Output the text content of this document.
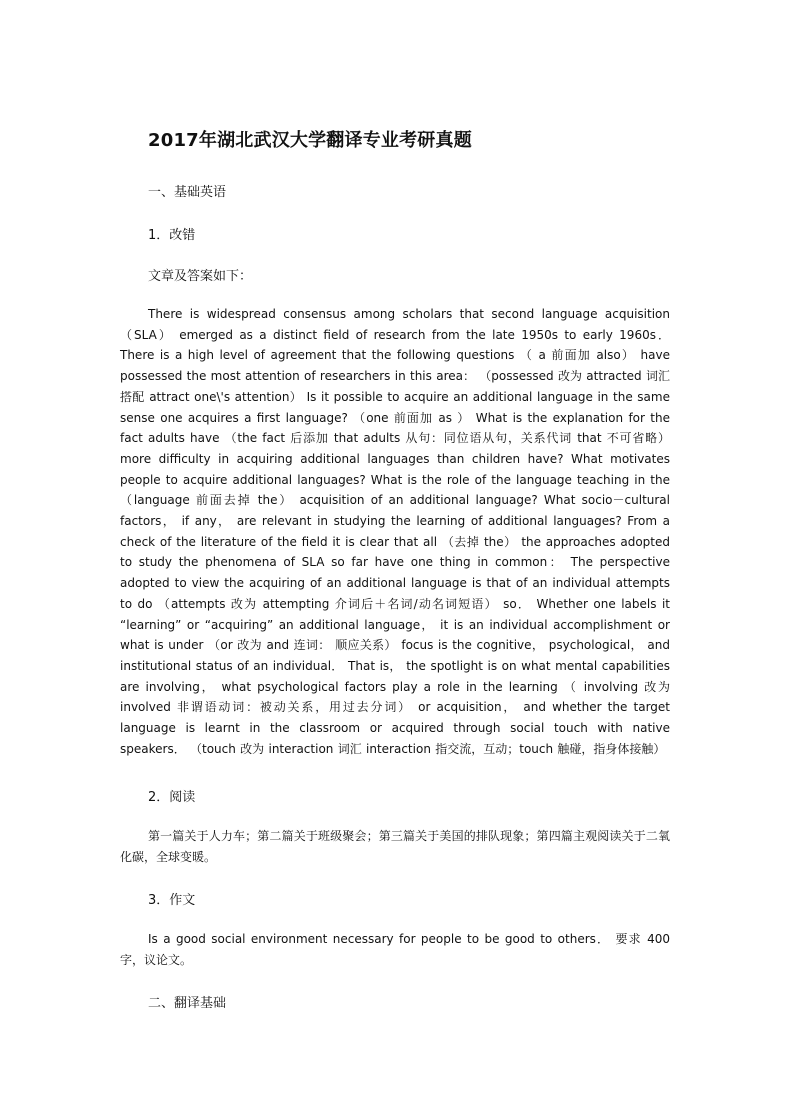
2017年湖北武汉大学翻译专业考研真题
一、基础英语
1．改错
文章及答案如下：

There is widespread consensus among scholars that second language acquisition （SLA） emerged as a distinct field of research from the late 1950s to early 1960s． There is a high level of agreement that the following questions （ a 前面加 also） have possessed the most attention of researchers in this area： （possessed 改为 attracted 词汇搭配 attract one\'s attention） Is it possible to acquire an additional language in the same sense one acquires a first language? （one 前面加 as ） What is the explanation for the fact adults have （the fact 后添加 that adults 从句：同位语从句，关系代词 that 不可省略） more difficulty in acquiring additional languages than children have? What motivates people to acquire additional languages? What is the role of the language teaching in the （language 前面去掉 the） acquisition of an additional language? What socio－cultural factors， if any， are relevant in studying the learning of additional languages? From a check of the literature of the field it is clear that all （去掉 the） the approaches adopted to study the phenomena of SLA so far have one thing in common： The perspective adopted to view the acquiring of an additional language is that of an individual attempts to do （attempts 改为 attempting 介词后＋名词/动名词短语） so． Whether one labels it “learning” or “acquiring” an additional language， it is an individual accomplishment or what is under （or 改为 and 连词： 顺应关系） focus is the cognitive， psychological， and institutional status of an individual． That is， the spotlight is on what mental capabilities are involving， what psychological factors play a role in the learning （ involving 改为 involved 非谓语动词：被动关系，用过去分词） or acquisition， and whether the target language is learnt in the classroom or acquired through social touch with native speakers． （touch 改为 interaction 词汇 interaction 指交流，互动；touch 触碰，指身体接触）

2．阅读

第一篇关于人力车；第二篇关于班级聚会；第三篇关于美国的排队现象；第四篇主观阅读关于二氧化碳，全球变暖。

3．作文

Is a good social environment necessary for people to be good to others． 要求 400 字，议论文。

二、翻译基础
